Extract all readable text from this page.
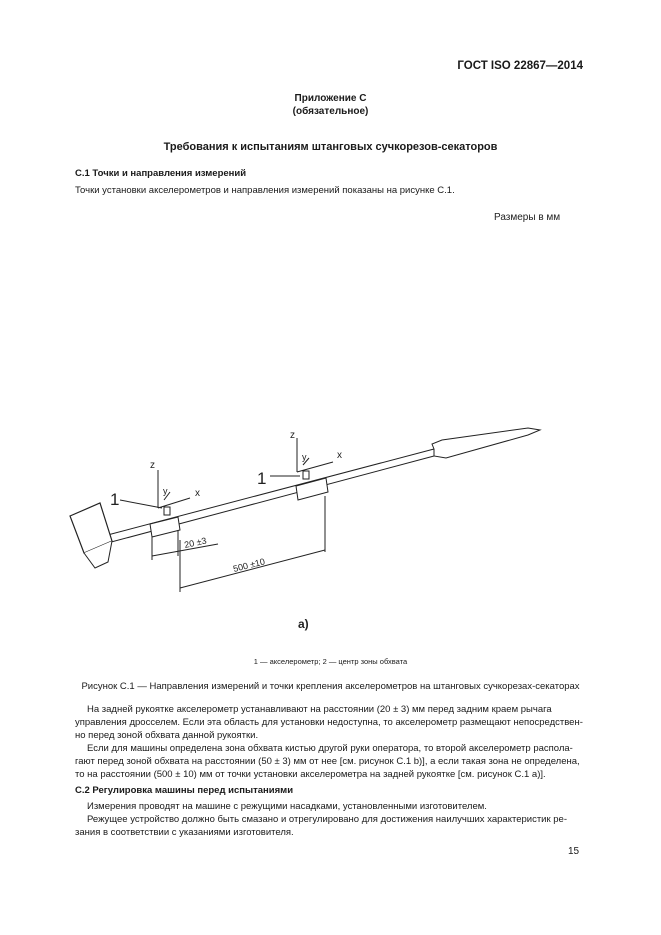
ГОСТ ISO 22867—2014
Приложение С
(обязательное)
Требования к испытаниям штанговых сучкорезов-секаторов
С.1 Точки и направления измерений
Точки установки акселерометров и направления измерений показаны на рисунке С.1.
Размеры в мм
z
y	x
z
y	x
1
1
20 ±3
500 ±10
a)
1 — акселерометр; 2 — центр зоны обхвата
Рисунок С.1 — Направления измерений и точки крепления акселерометров на штанговых сучкорезах-секаторах
На задней рукоятке акселерометр устанавливают на расстоянии (20 ± 3) мм перед задним краем рычага
управления дросселем. Если эта область для установки недоступна, то акселерометр размещают непосредствен-
но перед зоной обхвата данной рукоятки.
Если для машины определена зона обхвата кистью другой руки оператора, то второй акселерометр распола-
гают перед зоной обхвата на расстоянии (50 ± 3) мм от нее [см. рисунок С.1 b)], а если такая зона не определена,
то на расстоянии (500 ± 10) мм от точки установки акселерометра на задней рукоятке [см. рисунок С.1 а)].
С.2 Регулировка машины перед испытаниями
Измерения проводят на машине с режущими насадками, установленными изготовителем.
Режущее устройство должно быть смазано и отрегулировано для достижения наилучших характеристик ре-
зания в соответствии с указаниями изготовителя.
15
